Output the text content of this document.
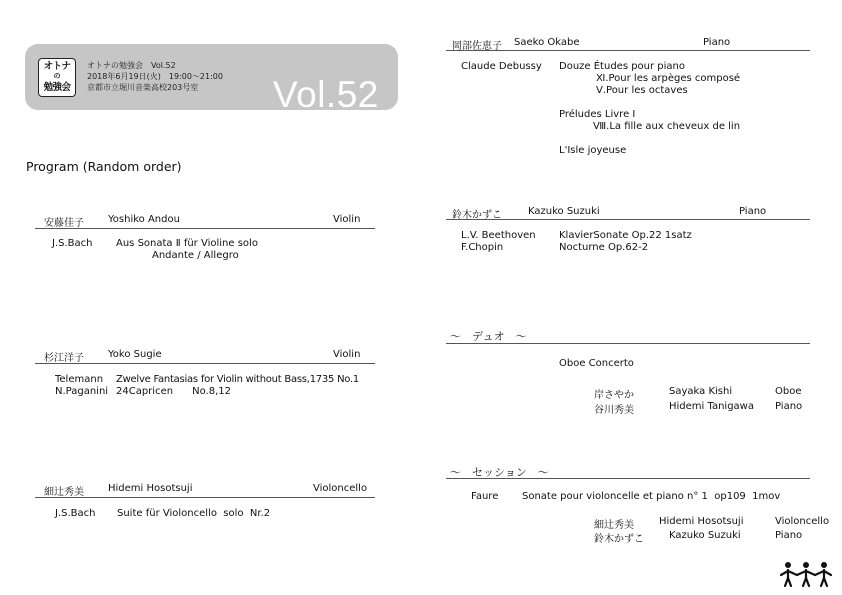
オトナ
の
勉強会
オトナの勉強会　Vol.52
2018年6月19日(火)　19:00～21:00
京都市立堀川音楽高校203号室 Vol.52
Program (Random order)
安藤佳子 Yoshiko Andou	Violin
J.S.Bach Aus Sonata Ⅱ für Violine solo
Andante / Allegro
杉江洋子 Yoko Sugie	Violin
Telemann Zwelve Fantasias for Violin without Bass,1735 No.1
N.Paganini 24Capricen      No.8,12
細辻秀美 Hidemi Hosotsuji	Violoncello
J.S.Bach Suite für Violoncello  solo  Nr.2
岡部佐恵子 Saeko Okabe	Piano
Claude Debussy Douze Études pour piano
Ⅺ.Pour les arpèges composé
Ⅴ.Pour les octaves
Préludes Livre Ⅰ
Ⅷ.La fille aux cheveux de lin
L'Isle joyeuse
鈴木かずこ	Kazuko Suzuki	Piano
L.V. Beethoven KlavierSonate Op.22 1satz
F.Chopin	Nocturne Op.62-2
～　デュオ　～
Oboe Concerto
岸さやか	Sayaka Kishi	Oboe
谷川秀美	Hidemi Tanigawa Piano
～　セッション　～
Faure Sonate pour violoncelle et piano n° 1  op109  1mov
細辻秀美	Hidemi Hosotsuji	Violoncello
鈴木かずこ	Kazuko Suzuki	Piano
